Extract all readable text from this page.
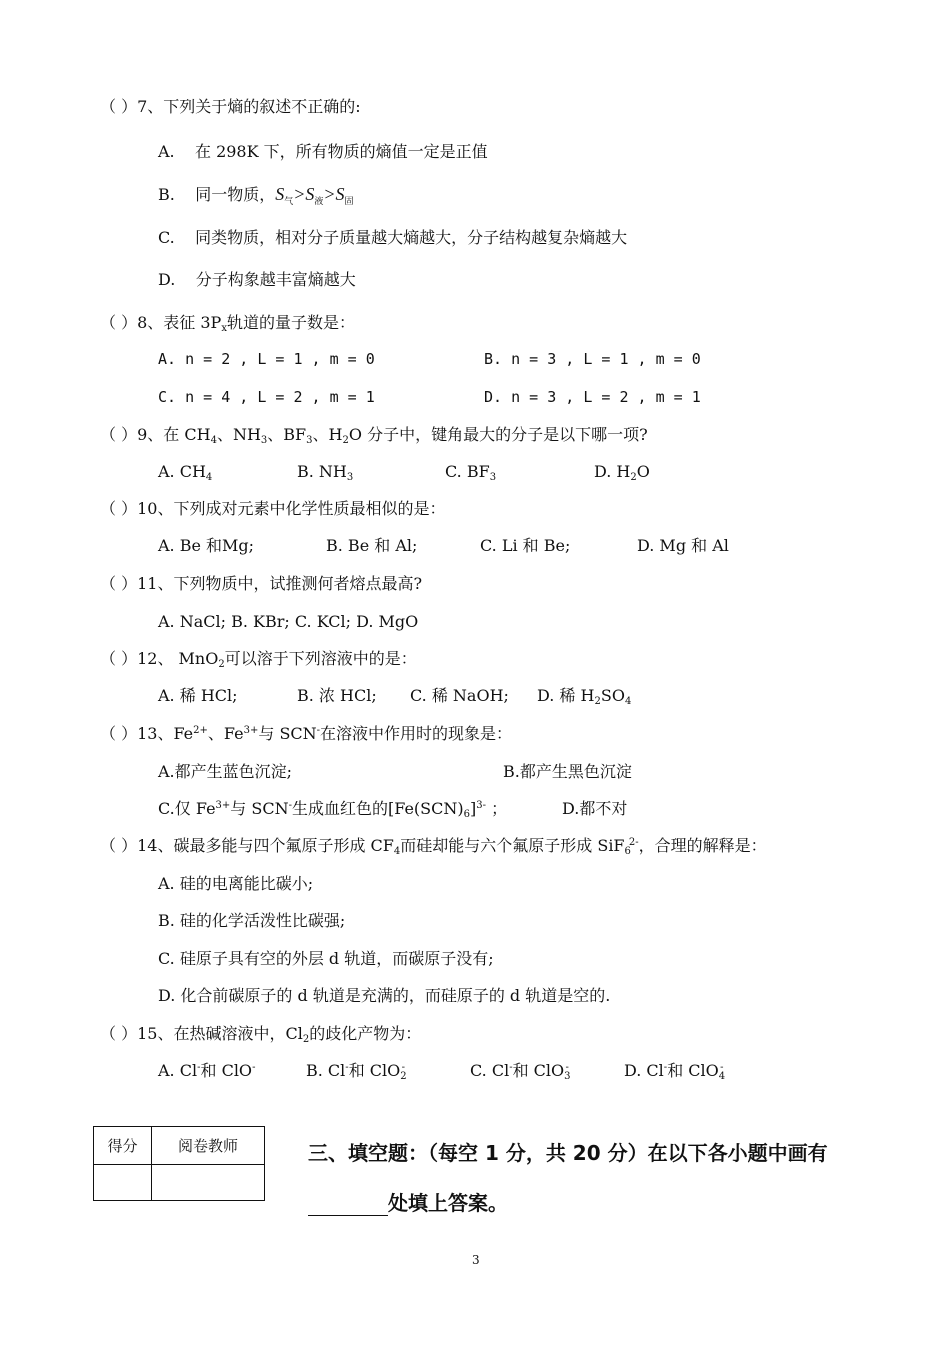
（ ）7、下列关于熵的叙述不正确的:
A. 在 298K 下，所有物质的熵值一定是正值
B. 同一物质，$S_气>S_液>S_固$
C. 同类物质，相对分子质量越大熵越大，分子结构越复杂熵越大
D. 分子构象越丰富熵越大
（ ）8、表征 $3P_x$轨道的量子数是：
A. n = 2 , L = 1 , m = 0	B. n = 3 , L = 1 , m = 0
C. n = 4 , L = 2 , m = 1	D. n = 3 , L = 2 , m = 1
（ ）9、在 $CH_4$、$NH_3$、$BF_3$、$H_2O$ 分子中，键角最大的分子是以下哪一项?
A. $CH_4$	B. $NH_3$	C. $BF_3$	D. $H_2O$
（ ）10、下列成对元素中化学性质最相似的是：
A. Be 和Mg;	B. Be 和 Al;	C. Li 和 Be;	D. Mg 和 Al
（ ）11、下列物质中，试推测何者熔点最高?
A. NaCl; B. KBr; C. KCl; D. MgO
（ ）12、 MnO$_2$可以溶于下列溶液中的是：
A. 稀 HCl;	B. 浓 HCl; C. 稀 NaOH; D. 稀 $H_2SO_4$
（ ）13、$Fe^{2+}$、$Fe^{3+}$与 SCN-在溶液中作用时的现象是：
A.都产生蓝色沉淀;	B.都产生黑色沉淀
C.仅 $Fe^{3+}$与 SCN-生成血红色的$[Fe(SCN)_6]^{3-}$ ；	D.都不对
（ ）14、碳最多能与四个氟原子形成 $CF_4$而硅却能与六个氟原子形成 SiF$_6^{2-}$，合理的解释是：
A. 硅的电离能比碳小;
B. 硅的化学活泼性比碳强;
C. 硅原子具有空的外层 d 轨道，而碳原子没有;
D. 化合前碳原子的 d 轨道是充满的，而硅原子的 d 轨道是空的.
（ ）15、在热碱溶液中，$Cl_2$的歧化产物为：
A. Cl-和 ClO-	B. Cl-和 ClO$_2$-	C. Cl-和 ClO$_3$-	D. Cl-和 ClO$_4$-
得分	阅卷教师
		三、填空题：（每空 1 分，共 20 分）在以下各小题中画有
处填上答案。
3
